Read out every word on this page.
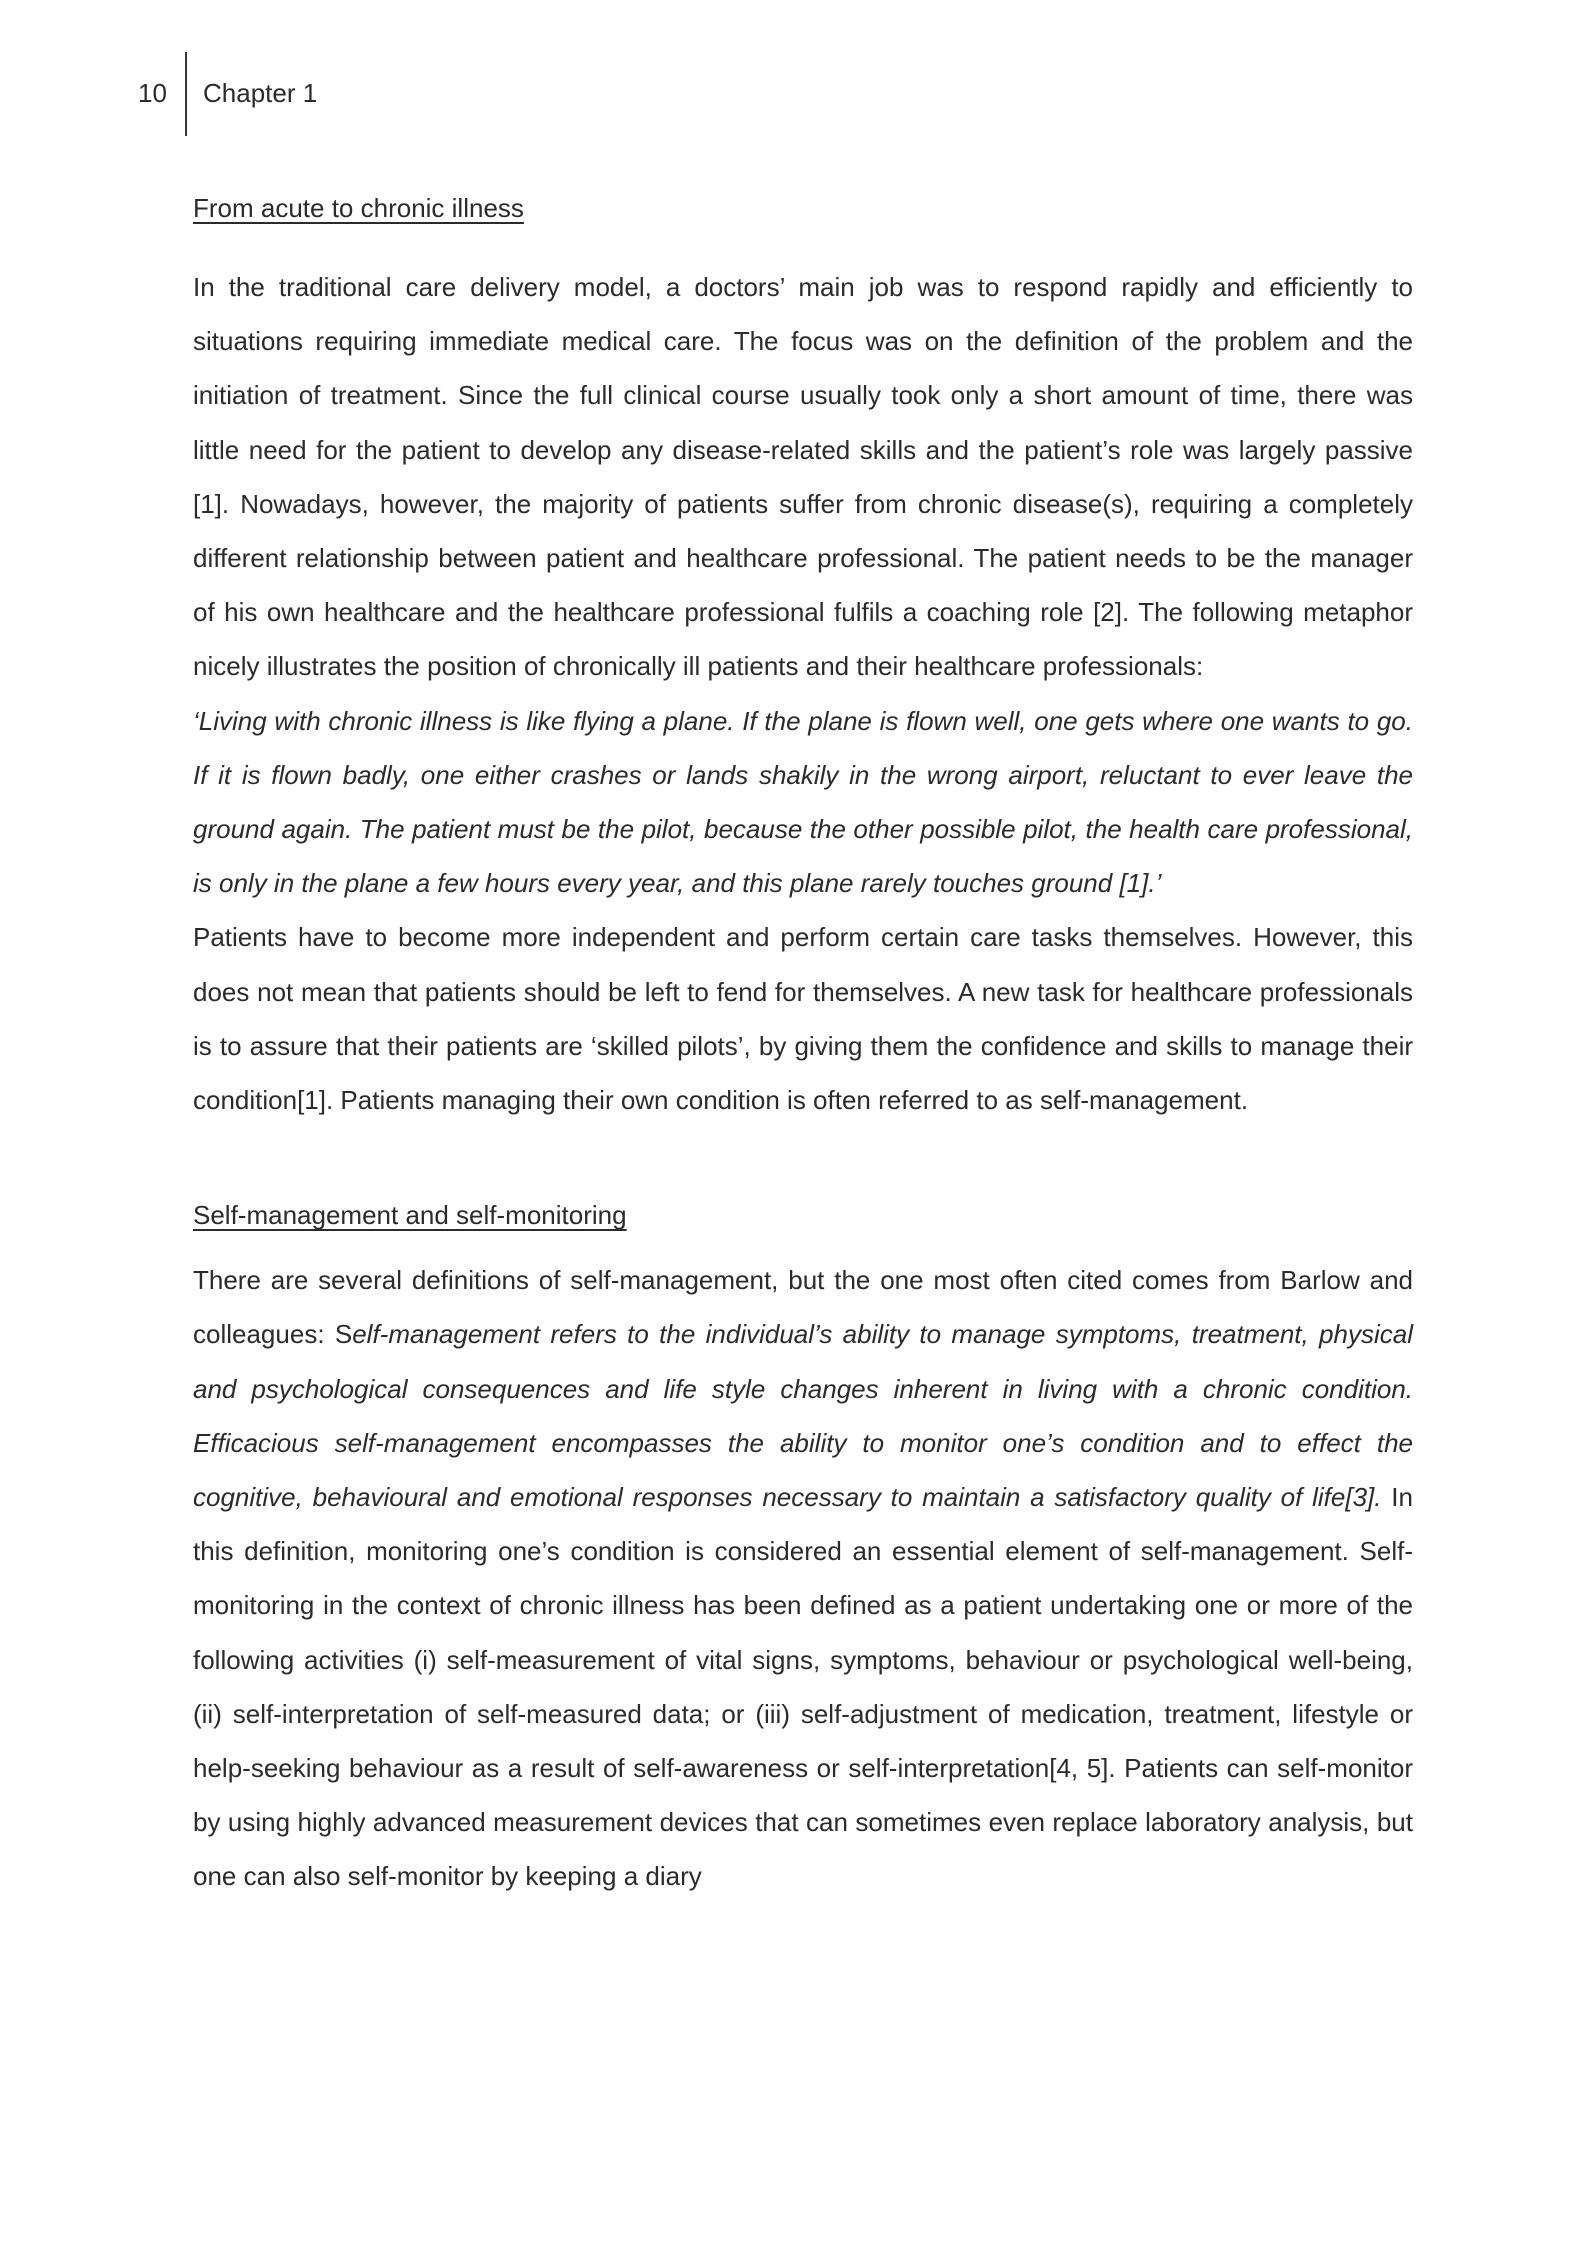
10 Chapter 1

From acute to chronic illness

In the traditional care delivery model, a doctors’ main job was to respond rapidly and efficiently to situations requiring immediate medical care. The focus was on the definition of the problem and the initiation of treatment. Since the full clinical course usually took only a short amount of time, there was little need for the patient to develop any disease-related skills and the patient’s role was largely passive [1]. Nowadays, however, the majority of patients suffer from chronic disease(s), requiring a completely different relationship between patient and healthcare professional. The patient needs to be the manager of his own healthcare and the healthcare professional fulfils a coaching role [2]. The following metaphor nicely illustrates the position of chronically ill patients and their healthcare professionals:

‘Living with chronic illness is like flying a plane. If the plane is flown well, one gets where one wants to go. If it is flown badly, one either crashes or lands shakily in the wrong airport, reluctant to ever leave the ground again. The patient must be the pilot, because the other possible pilot, the health care professional, is only in the plane a few hours every year, and this plane rarely touches ground [1].’

Patients have to become more independent and perform certain care tasks themselves. However, this does not mean that patients should be left to fend for themselves. A new task for healthcare professionals is to assure that their patients are ‘skilled pilots’, by giving them the confidence and skills to manage their condition[1]. Patients managing their own condition is often referred to as self-management.

Self-management and self-monitoring

There are several definitions of self-management, but the one most often cited comes from Barlow and colleagues: Self-management refers to the individual’s ability to manage symptoms, treatment, physical and psychological consequences and life style changes inherent in living with a chronic condition. Efficacious self-management encompasses the ability to monitor one’s condition and to effect the cognitive, behavioural and emotional responses necessary to maintain a satisfactory quality of life[3]. In this definition, monitoring one’s condition is considered an essential element of self-management. Self-monitoring in the context of chronic illness has been defined as a patient undertaking one or more of the following activities (i) self-measurement of vital signs, symptoms, behaviour or psychological well-being, (ii) self-interpretation of self-measured data; or (iii) self-adjustment of medication, treatment, lifestyle or help-seeking behaviour as a result of self-awareness or self-interpretation[4, 5]. Patients can self-monitor by using highly advanced measurement devices that can sometimes even replace laboratory analysis, but one can also self-monitor by keeping a diary
